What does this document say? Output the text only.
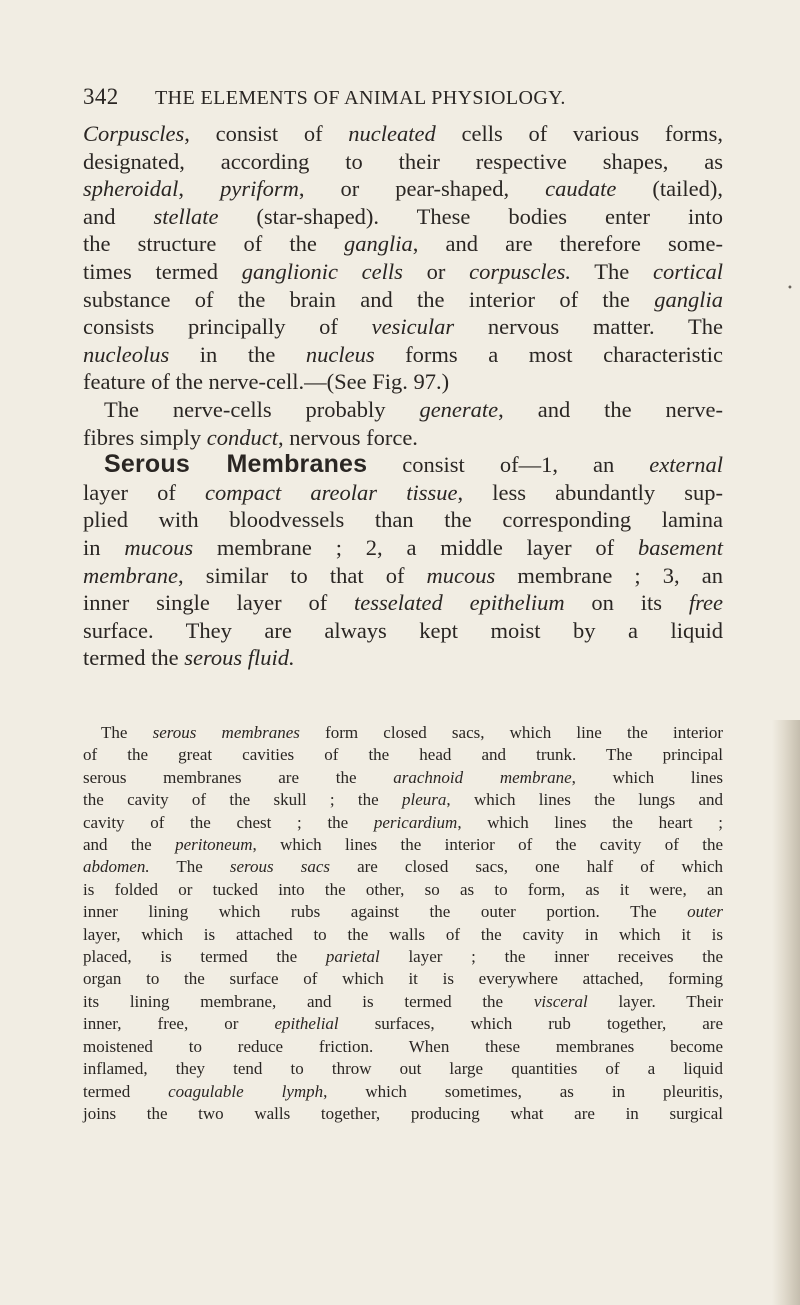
342 THE ELEMENTS OF ANIMAL PHYSIOLOGY.
Corpuscles, consist of nucleated cells of various forms,
designated, according to their respective shapes, as
spheroidal, pyriform, or pear-shaped, caudate (tailed),
and stellate (star-shaped). These bodies enter into
the structure of the ganglia, and are therefore some-
times termed ganglionic cells or corpuscles. The cortical
substance of the brain and the interior of the ganglia
consists principally of vesicular nervous matter. The
nucleolus in the nucleus forms a most characteristic
feature of the nerve-cell.—(See Fig. 97.)
The nerve-cells probably generate, and the nerve-
fibres simply conduct, nervous force.
Serous Membranes consist of—1, an external
layer of compact areolar tissue, less abundantly sup-
plied with bloodvessels than the corresponding lamina
in mucous membrane ; 2, a middle layer of basement
membrane, similar to that of mucous membrane ; 3, an
inner single layer of tesselated epithelium on its free
surface. They are always kept moist by a liquid
termed the serous fluid.
The serous membranes form closed sacs, which line the interior
of the great cavities of the head and trunk. The principal
serous membranes are the arachnoid membrane, which lines
the cavity of the skull ; the pleura, which lines the lungs and
cavity of the chest ; the pericardium, which lines the heart ;
and the peritoneum, which lines the interior of the cavity of the
abdomen. The serous sacs are closed sacs, one half of which
is folded or tucked into the other, so as to form, as it were, an
inner lining which rubs against the outer portion. The outer
layer, which is attached to the walls of the cavity in which it is
placed, is termed the parietal layer ; the inner receives the
organ to the surface of which it is everywhere attached, forming
its lining membrane, and is termed the visceral layer. Their
inner, free, or epithelial surfaces, which rub together, are
moistened to reduce friction. When these membranes become
inflamed, they tend to throw out large quantities of a liquid
termed coagulable lymph, which sometimes, as in pleuritis,
joins the two walls together, producing what are in surgical
•
